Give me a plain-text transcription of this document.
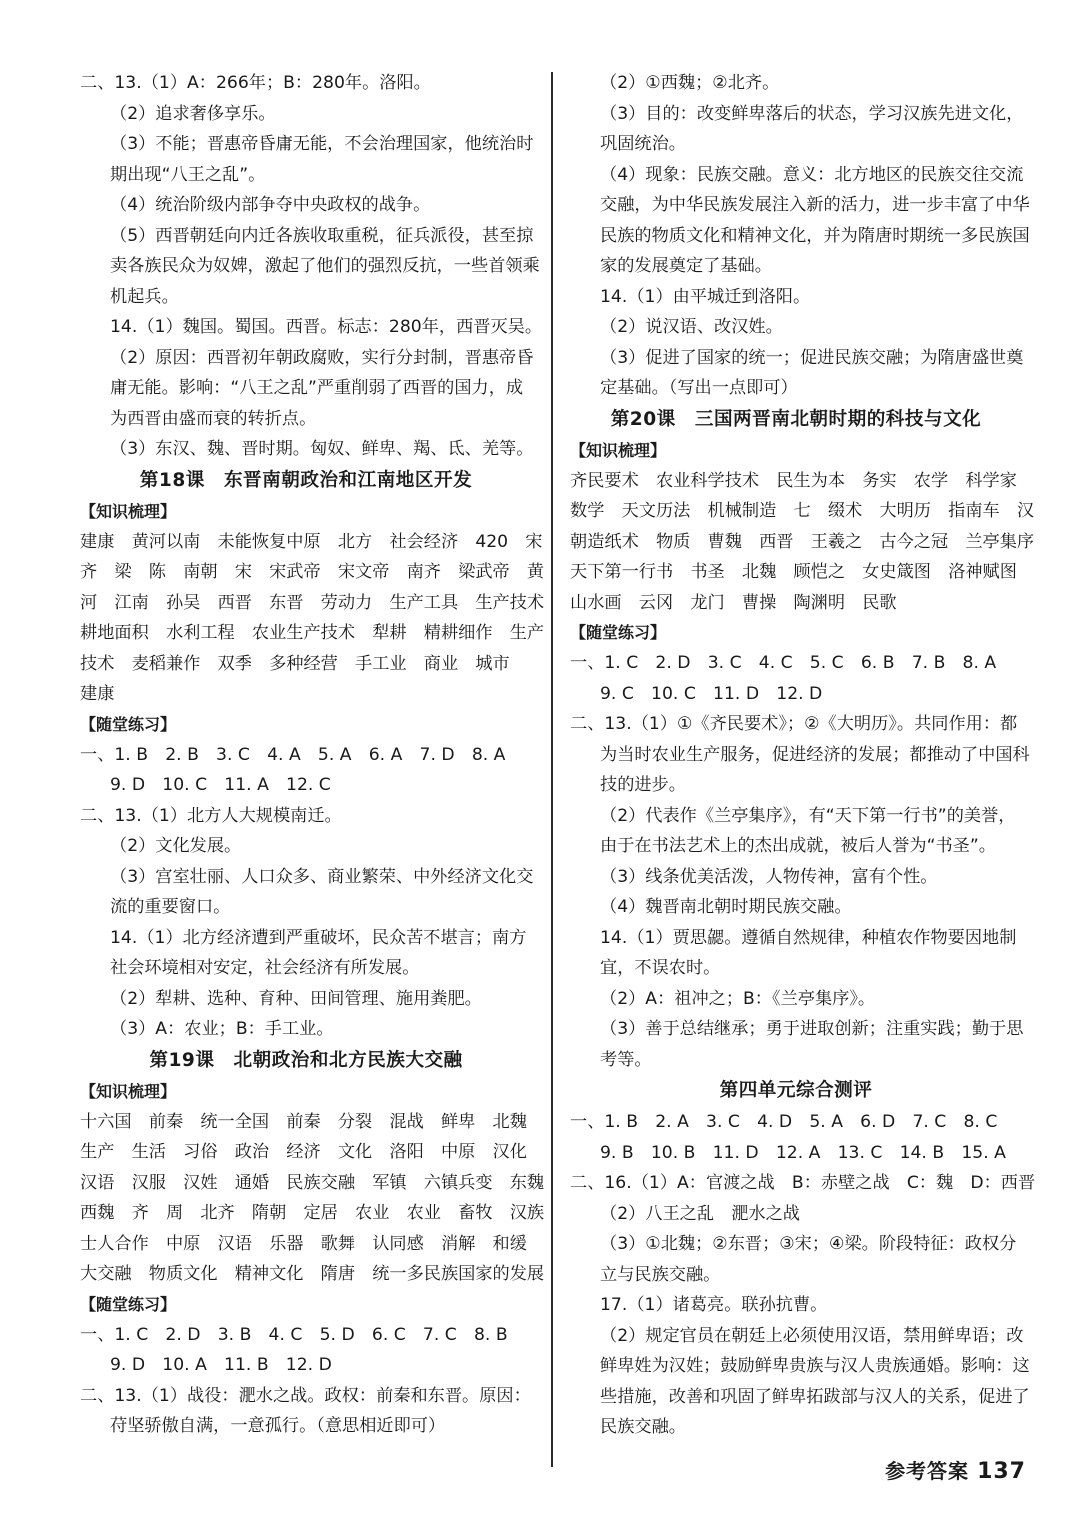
二、13.（1）A：266年；B：280年。洛阳。
（2）追求奢侈享乐。
（3）不能；晋惠帝昏庸无能，不会治理国家，他统治时
期出现“八王之乱”。
（4）统治阶级内部争夺中央政权的战争。
（5）西晋朝廷向内迁各族收取重税，征兵派役，甚至掠
卖各族民众为奴婢，激起了他们的强烈反抗，一些首领乘
机起兵。
14.（1）魏国。蜀国。西晋。标志：280年，西晋灭吴。
（2）原因：西晋初年朝政腐败，实行分封制，晋惠帝昏
庸无能。影响：“八王之乱”严重削弱了西晋的国力，成
为西晋由盛而衰的转折点。
（3）东汉、魏、晋时期。匈奴、鲜卑、羯、氐、羌等。
第18课　东晋南朝政治和江南地区开发
【知识梳理】
建康　黄河以南　未能恢复中原　北方　社会经济　420　宋
齐　梁　陈　南朝　宋　宋武帝　宋文帝　南齐　梁武帝　黄
河　江南　孙吴　西晋　东晋　劳动力　生产工具　生产技术
耕地面积　水利工程　农业生产技术　犁耕　精耕细作　生产
技术　麦稻兼作　双季　多种经营　手工业　商业　城市
建康
【随堂练习】
一、1. B　2. B　3. C　4. A　5. A　6. A　7. D　8. A
9. D　10. C　11. A　12. C
二、13.（1）北方人大规模南迁。
（2）文化发展。
（3）宫室壮丽、人口众多、商业繁荣、中外经济文化交
流的重要窗口。
14.（1）北方经济遭到严重破坏，民众苦不堪言；南方
社会环境相对安定，社会经济有所发展。
（2）犁耕、选种、育种、田间管理、施用粪肥。
（3）A：农业；B：手工业。
第19课　北朝政治和北方民族大交融
【知识梳理】
十六国　前秦　统一全国　前秦　分裂　混战　鲜卑　北魏
生产　生活　习俗　政治　经济　文化　洛阳　中原　汉化
汉语　汉服　汉姓　通婚　民族交融　军镇　六镇兵变　东魏
西魏　齐　周　北齐　隋朝　定居　农业　农业　畜牧　汉族
士人合作　中原　汉语　乐器　歌舞　认同感　消解　和缓
大交融　物质文化　精神文化　隋唐　统一多民族国家的发展
【随堂练习】
一、1. C　2. D　3. B　4. C　5. D　6. C　7. C　8. B
9. D　10. A　11. B　12. D
二、13.（1）战役：淝水之战。政权：前秦和东晋。原因：
苻坚骄傲自满，一意孤行。（意思相近即可）
（2）①西魏；②北齐。
（3）目的：改变鲜卑落后的状态，学习汉族先进文化，
巩固统治。
（4）现象：民族交融。意义：北方地区的民族交往交流
交融，为中华民族发展注入新的活力，进一步丰富了中华
民族的物质文化和精神文化，并为隋唐时期统一多民族国
家的发展奠定了基础。
14.（1）由平城迁到洛阳。
（2）说汉语、改汉姓。
（3）促进了国家的统一；促进民族交融；为隋唐盛世奠
定基础。（写出一点即可）
第20课　三国两晋南北朝时期的科技与文化
【知识梳理】
齐民要术　农业科学技术　民生为本　务实　农学　科学家
数学　天文历法　机械制造　七　缀术　大明历　指南车　汉
朝造纸术　物质　曹魏　西晋　王羲之　古今之冠　兰亭集序
天下第一行书　书圣　北魏　顾恺之　女史箴图　洛神赋图
山水画　云冈　龙门　曹操　陶渊明　民歌
【随堂练习】
一、1. C　2. D　3. C　4. C　5. C　6. B　7. B　8. A
9. C　10. C　11. D　12. D
二、13.（1）①《齐民要术》；②《大明历》。共同作用：都
为当时农业生产服务，促进经济的发展；都推动了中国科
技的进步。
（2）代表作《兰亭集序》，有“天下第一行书”的美誉，
由于在书法艺术上的杰出成就，被后人誉为“书圣”。
（3）线条优美活泼，人物传神，富有个性。
（4）魏晋南北朝时期民族交融。
14.（1）贾思勰。遵循自然规律，种植农作物要因地制
宜，不误农时。
（2）A：祖冲之；B：《兰亭集序》。
（3）善于总结继承；勇于进取创新；注重实践；勤于思
考等。
第四单元综合测评
一、1. B　2. A　3. C　4. D　5. A　6. D　7. C　8. C
9. B　10. B　11. D　12. A　13. C　14. B　15. A
二、16.（1）A：官渡之战　B：赤壁之战　C：魏　D：西晋
（2）八王之乱　淝水之战
（3）①北魏；②东晋；③宋；④梁。阶段特征：政权分
立与民族交融。
17.（1）诸葛亮。联孙抗曹。
（2）规定官员在朝廷上必须使用汉语，禁用鲜卑语；改
鲜卑姓为汉姓；鼓励鲜卑贵族与汉人贵族通婚。影响：这
些措施，改善和巩固了鲜卑拓跋部与汉人的关系，促进了
民族交融。
参考答案 137
